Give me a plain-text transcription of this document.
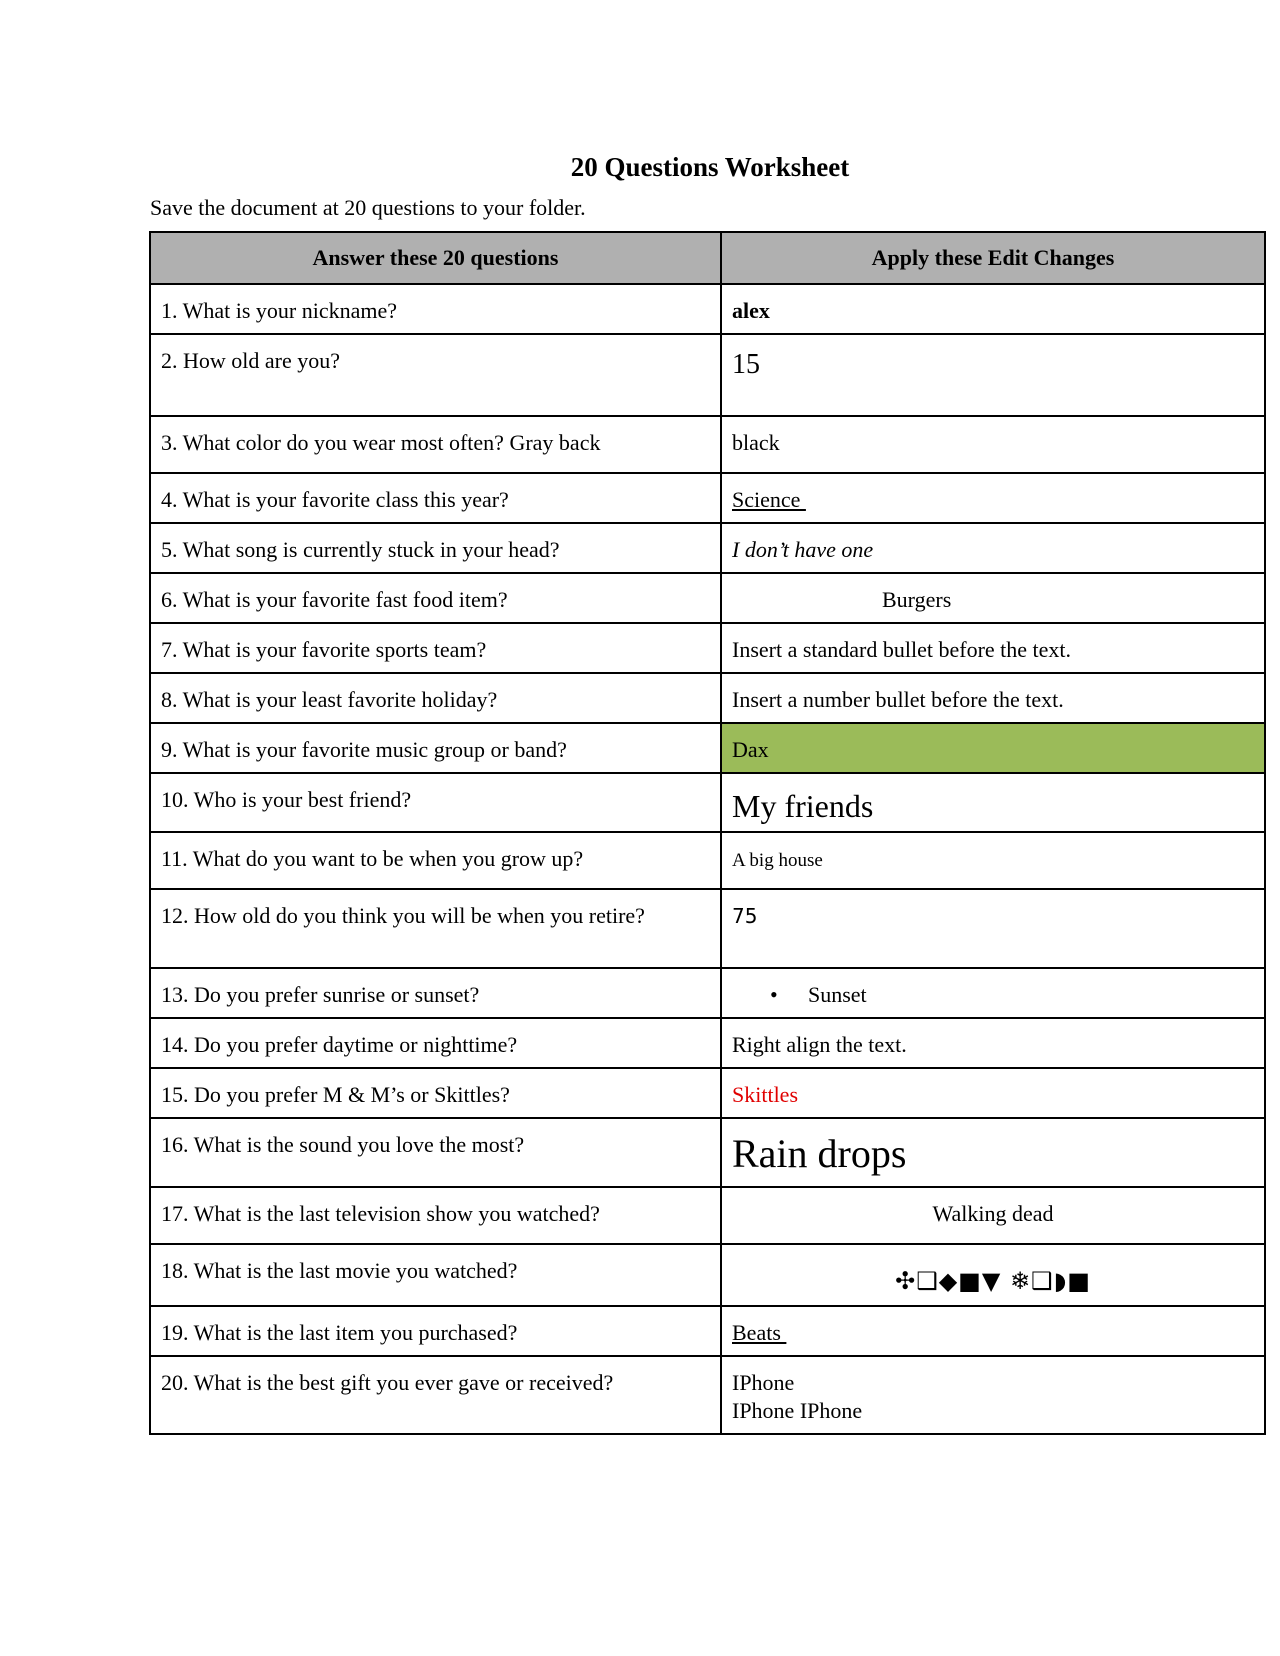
20 Questions Worksheet
Save the document at 20 questions to your folder.
Answer these 20 questions	Apply these Edit Changes
1. What is your nickname?	alex
2. How old are you?	15
3. What color do you wear most often? Gray back	black
4. What is your favorite class this year?	Science
5. What song is currently stuck in your head?	I don’t have one
6. What is your favorite fast food item?	Burgers
7. What is your favorite sports team?	Insert a standard bullet before the text.
8. What is your least favorite holiday?	Insert a number bullet before the text.
9. What is your favorite music group or band?	Dax
10. Who is your best friend?	My friends
11. What do you want to be when you grow up?	A big house
12. How old do you think you will be when you retire?	75
13. Do you prefer sunrise or sunset?	• Sunset
14. Do you prefer daytime or nighttime?	Right align the text.
15. Do you prefer M & M’s or Skittles?	Skittles
16. What is the sound you love the most?	Rain drops
17. What is the last television show you watched?	Walking dead
18. What is the last movie you watched?	✣❑◆■▼ ❄❑◗■
19. What is the last item you purchased?	Beats
20. What is the best gift you ever gave or received?	IPhone
IPhone IPhone
